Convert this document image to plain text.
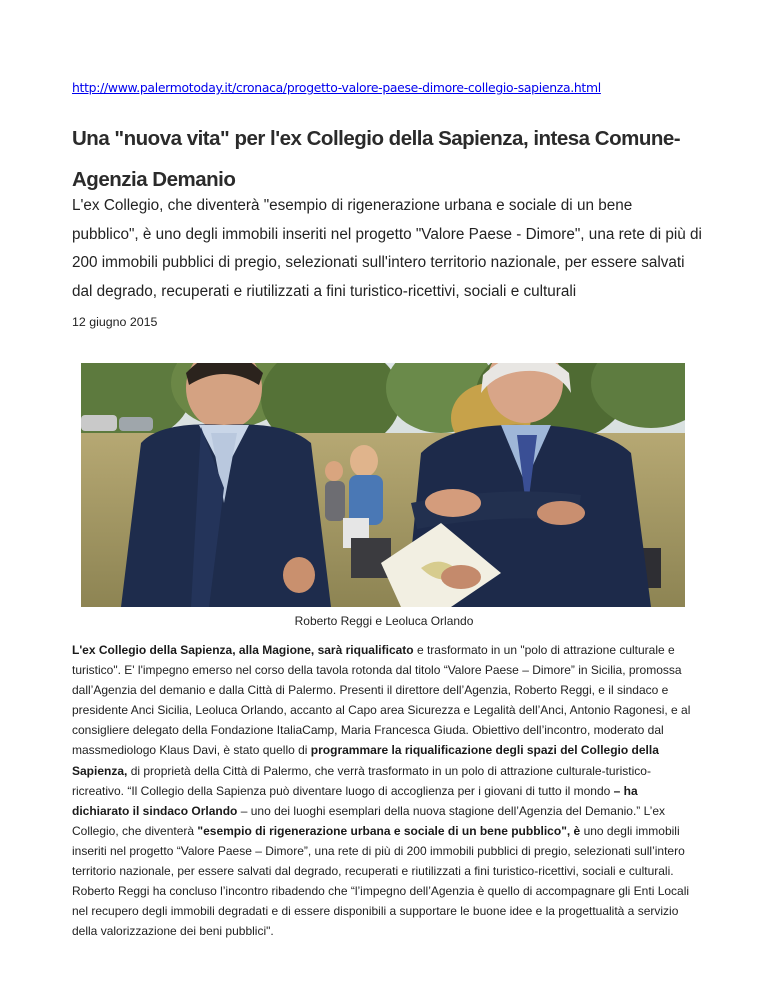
http://www.palermotoday.it/cronaca/progetto-valore-paese-dimore-collegio-sapienza.html
Una "nuova vita" per l'ex Collegio della Sapienza, intesa Comune-Agenzia Demanio

L'ex Collegio, che diventerà "esempio di rigenerazione urbana e sociale di un bene pubblico", è uno degli immobili inseriti nel progetto "Valore Paese - Dimore", una rete di più di 200 immobili pubblici di pregio, selezionati sull'intero territorio nazionale, per essere salvati dal degrado, recuperati e riutilizzati a fini turistico-ricettivi, sociali e culturali

12 giugno 2015
Roberto Reggi e Leoluca Orlando

L'ex Collegio della Sapienza, alla Magione, sarà riqualificato e trasformato in un "polo di attrazione culturale e turistico". E' l'impegno emerso nel corso della tavola rotonda dal titolo “Valore Paese – Dimore” in Sicilia, promossa dall’Agenzia del demanio e dalla Città di Palermo. Presenti il direttore dell’Agenzia, Roberto Reggi, e il sindaco e presidente Anci Sicilia, Leoluca Orlando, accanto al Capo area Sicurezza e Legalità dell’Anci, Antonio Ragonesi, e al consigliere delegato della Fondazione ItaliaCamp, Maria Francesca Giuda. Obiettivo dell’incontro, moderato dal massmediologo Klaus Davi, è stato quello di programmare la riqualificazione degli spazi del Collegio della Sapienza, di proprietà della Città di Palermo, che verrà trasformato in un polo di attrazione culturale-turistico-ricreativo. “Il Collegio della Sapienza può diventare luogo di accoglienza per i giovani di tutto il mondo – ha dichiarato il sindaco Orlando – uno dei luoghi esemplari della nuova stagione dell’Agenzia del Demanio.” L’ex Collegio, che diventerà "esempio di rigenerazione urbana e sociale di un bene pubblico", è uno degli immobili inseriti nel progetto “Valore Paese – Dimore”, una rete di più di 200 immobili pubblici di pregio, selezionati sull’intero territorio nazionale, per essere salvati dal degrado, recuperati e riutilizzati a fini turistico-ricettivi, sociali e culturali. Roberto Reggi ha concluso l’incontro ribadendo che “l’impegno dell’Agenzia è quello di accompagnare gli Enti Locali nel recupero degli immobili degradati e di essere disponibili a supportare le buone idee e la progettualità a servizio della valorizzazione dei beni pubblici".
